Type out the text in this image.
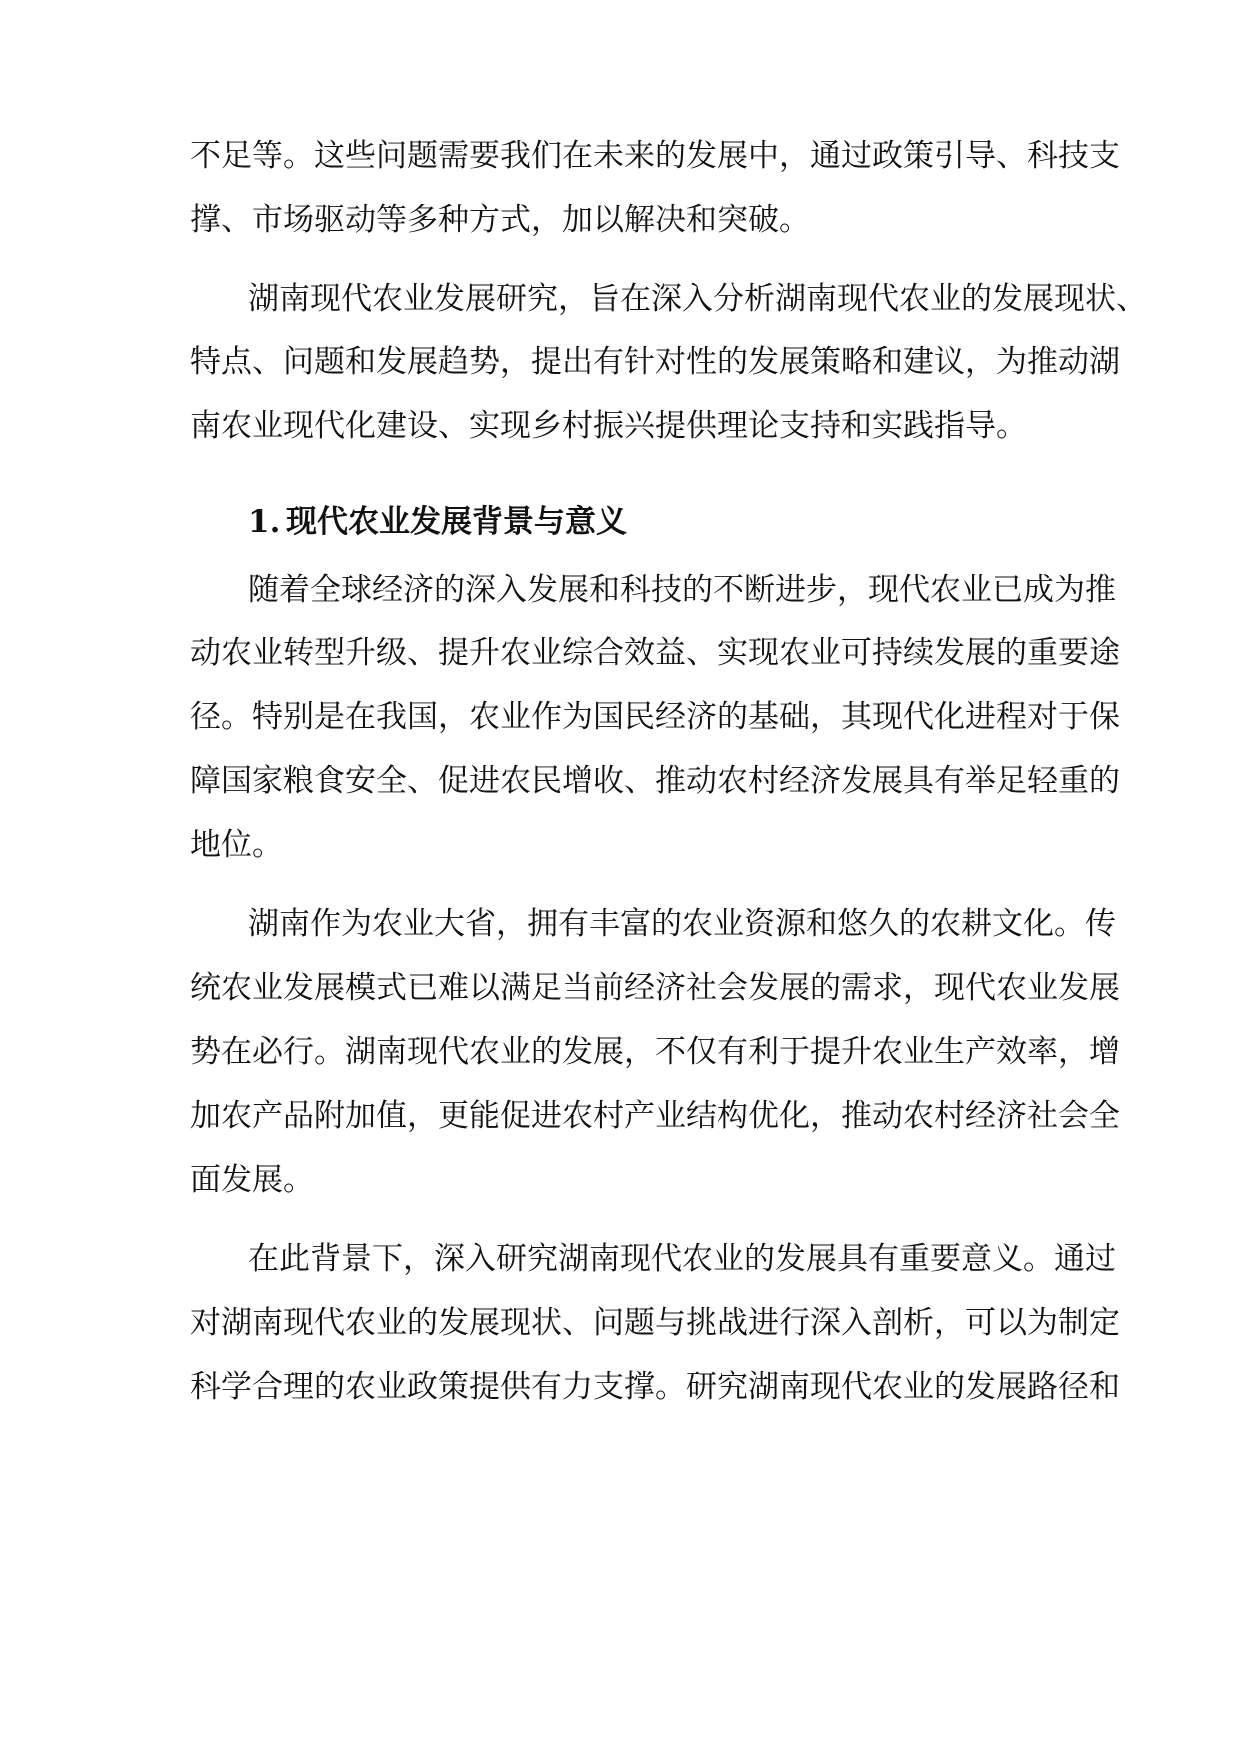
不足等。这些问题需要我们在未来的发展中，通过政策引导、科技支
撑、市场驱动等多种方式，加以解决和突破。
湖南现代农业发展研究，旨在深入分析湖南现代农业的发展现状、
特点、问题和发展趋势，提出有针对性的发展策略和建议，为推动湖
南农业现代化建设、实现乡村振兴提供理论支持和实践指导。
1. 现代农业发展背景与意义
随着全球经济的深入发展和科技的不断进步，现代农业已成为推
动农业转型升级、提升农业综合效益、实现农业可持续发展的重要途
径。特别是在我国，农业作为国民经济的基础，其现代化进程对于保
障国家粮食安全、促进农民增收、推动农村经济发展具有举足轻重的
地位。
湖南作为农业大省，拥有丰富的农业资源和悠久的农耕文化。传
统农业发展模式已难以满足当前经济社会发展的需求，现代农业发展
势在必行。湖南现代农业的发展，不仅有利于提升农业生产效率，增
加农产品附加值，更能促进农村产业结构优化，推动农村经济社会全
面发展。
在此背景下，深入研究湖南现代农业的发展具有重要意义。通过
对湖南现代农业的发展现状、问题与挑战进行深入剖析，可以为制定
科学合理的农业政策提供有力支撑。研究湖南现代农业的发展路径和
